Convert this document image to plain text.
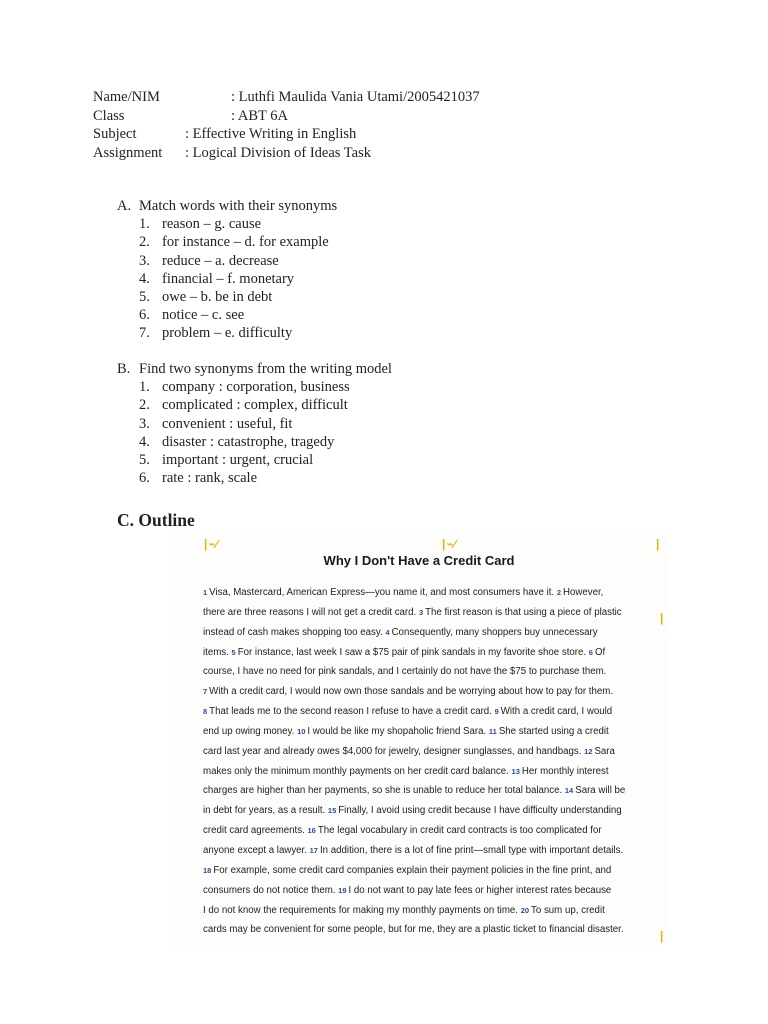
Name/NIM	: Luthfi Maulida Vania Utami/2005421037
Class	: ABT 6A
Subject	: Effective Writing in English
Assignment : Logical Division of Ideas Task
A. Match words with their synonyms
1. reason – g. cause
2. for instance – d. for example
3. reduce – a. decrease
4. financial – f. monetary
5. owe – b. be in debt
6. notice – c. see
7. problem – e. difficulty
B. Find two synonyms from the writing model
1. company : corporation, business
2. complicated : complex, difficult
3. convenient : useful, fit
4. disaster : catastrophe, tragedy
5. important : urgent, crucial
6. rate : rank, scale
C. Outline
| ⌁​∕	| ⌁​∕	|
|
|
Why I Don't Have a Credit Card
1 Visa, Mastercard, American Express—you name it, and most consumers have it. 2 However,
there are three reasons I will not get a credit card. 3 The first reason is that using a piece of plastic
instead of cash makes shopping too easy. 4 Consequently, many shoppers buy unnecessary
items. 5 For instance, last week I saw a $75 pair of pink sandals in my favorite shoe store. 6 Of
course, I have no need for pink sandals, and I certainly do not have the $75 to purchase them.
7 With a credit card, I would now own those sandals and be worrying about how to pay for them.
8 That leads me to the second reason I refuse to have a credit card. 9 With a credit card, I would
end up owing money. 10 I would be like my shopaholic friend Sara. 11 She started using a credit
card last year and already owes $4,000 for jewelry, designer sunglasses, and handbags. 12 Sara
makes only the minimum monthly payments on her credit card balance. 13 Her monthly interest
charges are higher than her payments, so she is unable to reduce her total balance. 14 Sara will be
in debt for years, as a result. 15 Finally, I avoid using credit because I have difficulty understanding
credit card agreements. 16 The legal vocabulary in credit card contracts is too complicated for
anyone except a lawyer. 17 In addition, there is a lot of fine print—small type with important details.
18 For example, some credit card companies explain their payment policies in the fine print, and
consumers do not notice them. 19 I do not want to pay late fees or higher interest rates because
I do not know the requirements for making my monthly payments on time. 20 To sum up, credit
cards may be convenient for some people, but for me, they are a plastic ticket to financial disaster.
